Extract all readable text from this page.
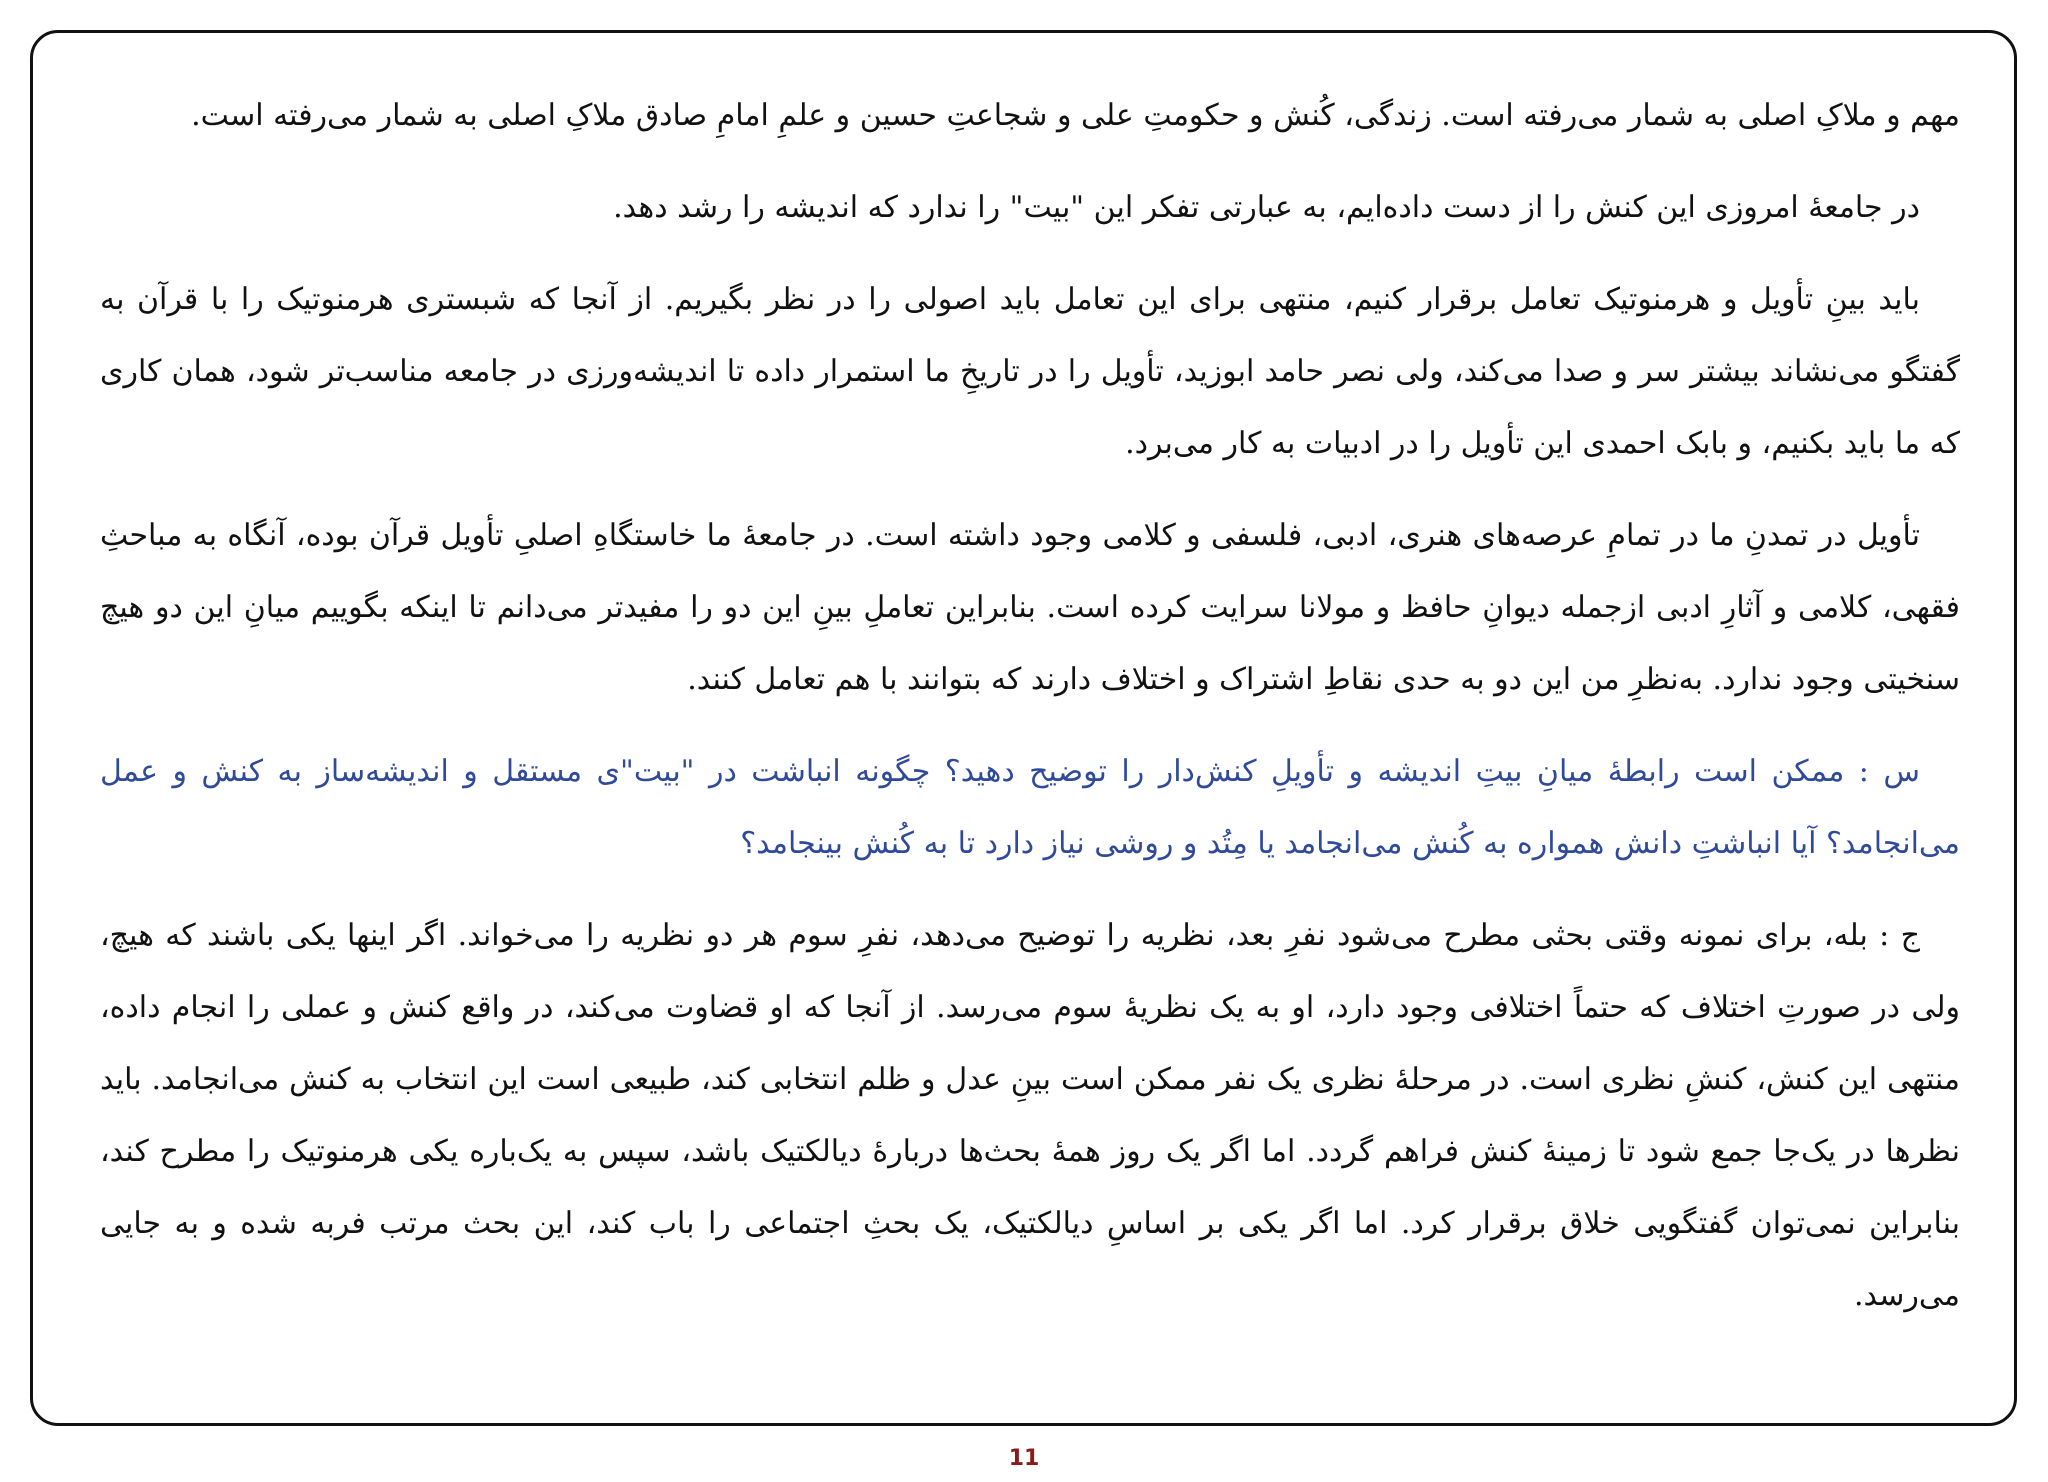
مهم و ملاکِ اصلی به شمار می‌رفته است. زندگی، کُنش و حکومتِ علی و شجاعتِ حسین و علمِ امامِ صادق ملاکِ اصلی به شمار می‌رفته است.

در جامعهٔ امروزی این کنش را از دست داده‌ایم، به عبارتی تفکر این "بیت" را ندارد که اندیشه را رشد دهد.

باید بینِ تأویل و هرمنوتیک تعامل برقرار کنیم، منتهی برای این تعامل باید اصولی را در نظر بگیریم. از آنجا که شبستری هرمنوتیک را با قرآن به گفتگو می‌نشاند بیشتر سر و صدا می‌کند، ولی نصر حامد ابوزید، تأویل را در تاریخِ ما استمرار داده تا اندیشه‌ورزی در جامعه مناسب‌تر شود، همان کاری که ما باید بکنیم، و بابک احمدی این تأویل را در ادبیات به کار می‌برد.

تأویل در تمدنِ ما در تمامِ عرصه‌های هنری، ادبی، فلسفی و کلامی وجود داشته است. در جامعهٔ ما خاستگاهِ اصلیِ تأویل قرآن بوده، آنگاه به مباحثِ فقهی، کلامی و آثارِ ادبی ازجمله دیوانِ حافظ و مولانا سرایت کرده است. بنابراین تعاملِ بینِ این دو را مفیدتر می‌دانم تا اینکه بگوییم میانِ این دو هیچ سنخیتی وجود ندارد. به‌نظرِ من این دو به حدی نقاطِ اشتراک و اختلاف دارند که بتوانند با هم تعامل کنند.

س : ممکن است رابطهٔ میانِ بیتِ اندیشه و تأویلِ کنش‌دار را توضیح دهید؟ چگونه انباشت در "بیت"ی مستقل و اندیشه‌ساز به کنش و عمل می‌انجامد؟ آیا انباشتِ دانش همواره به کُنش می‌انجامد یا مِتُد و روشی نیاز دارد تا به کُنش بینجامد؟

ج : بله، برای نمونه وقتی بحثی مطرح می‌شود نفرِ بعد، نظریه را توضیح می‌دهد، نفرِ سوم هر دو نظریه را می‌خواند. اگر اینها یکی باشند که هیچ، ولی در صورتِ اختلاف که حتماً اختلافی وجود دارد، او به یک نظریهٔ سوم می‌رسد. از آنجا که او قضاوت می‌کند، در واقع کنش و عملی را انجام داده، منتهی این کنش، کنشِ نظری است. در مرحلهٔ نظری یک نفر ممکن است بینِ عدل و ظلم انتخابی کند، طبیعی است این انتخاب به کنش می‌انجامد. باید نظرها در یک‌جا جمع شود تا زمینهٔ کنش فراهم گردد. اما اگر یک روز همهٔ بحث‌ها دربارهٔ دیالکتیک باشد، سپس به یک‌باره یکی هرمنوتیک را مطرح کند، بنابراین نمی‌توان گفتگویی خلاق برقرار کرد. اما اگر یکی بر اساسِ دیالکتیک، یک بحثِ اجتماعی را باب کند، این بحث مرتب فربه شده و به جایی می‌رسد.

11
